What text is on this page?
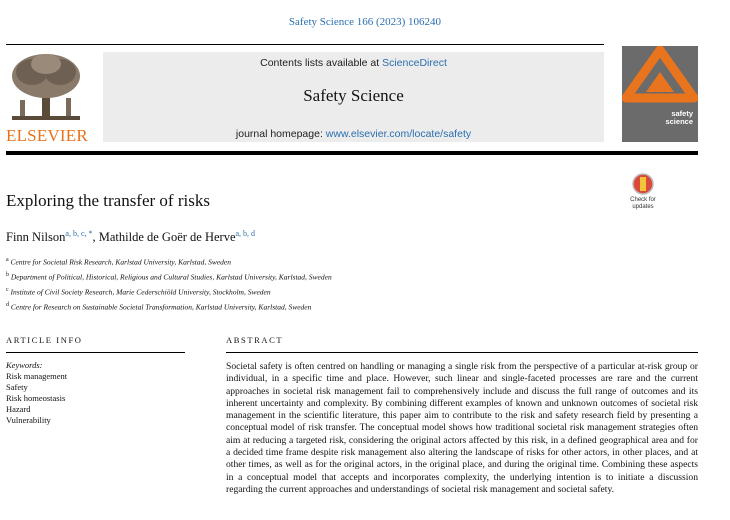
Safety Science 166 (2023) 106240
ELSEVIER
Contents lists available at ScienceDirect
Safety Science
journal homepage: www.elsevier.com/locate/safety
safety
science
Exploring the transfer of risks	Check for
updates
Finn Nilson$^{a, b, c, *}$, Mathilde de Goër de Herve$^{a, b, d}$
$^a$ Centre for Societal Risk Research, Karlstad University, Karlstad, Sweden
$^b$ Department of Political, Historical, Religious and Cultural Studies, Karlstad University, Karlstad, Sweden
$^c$ Institute of Civil Society Research, Marie Cederschiöld University, Stockholm, Sweden
$^d$ Centre for Research on Sustainable Societal Transformation, Karlstad University, Karlstad, Sweden
ARTICLE INFO	ABSTRACT
Keywords:
Risk management
Safety
Risk homeostasis
Hazard
Vulnerability
Societal safety is often centred on handling or managing a single risk from the perspective of a particular at-risk group or individual, in a specific time and place. However, such linear and single-faceted processes are rare and the current approaches in societal risk management fail to comprehensively include and discuss the full range of outcomes and its inherent uncertainty and complexity. By combining different examples of known and unknown outcomes of societal risk management in the scientific literature, this paper aim to contribute to the risk and safety research field by presenting a conceptual model of risk transfer. The conceptual model shows how traditional societal risk management strategies often aim at reducing a targeted risk, considering the original actors affected by this risk, in a defined geographical area and for a decided time frame despite risk management also altering the landscape of risks for other actors, in other places, and at other times, as well as for the original actors, in the original place, and during the original time. Combining these aspects in a conceptual model that accepts and incorporates complexity, the underlying intention is to initiate a discussion regarding the current approaches and understandings of societal risk management and societal safety.
